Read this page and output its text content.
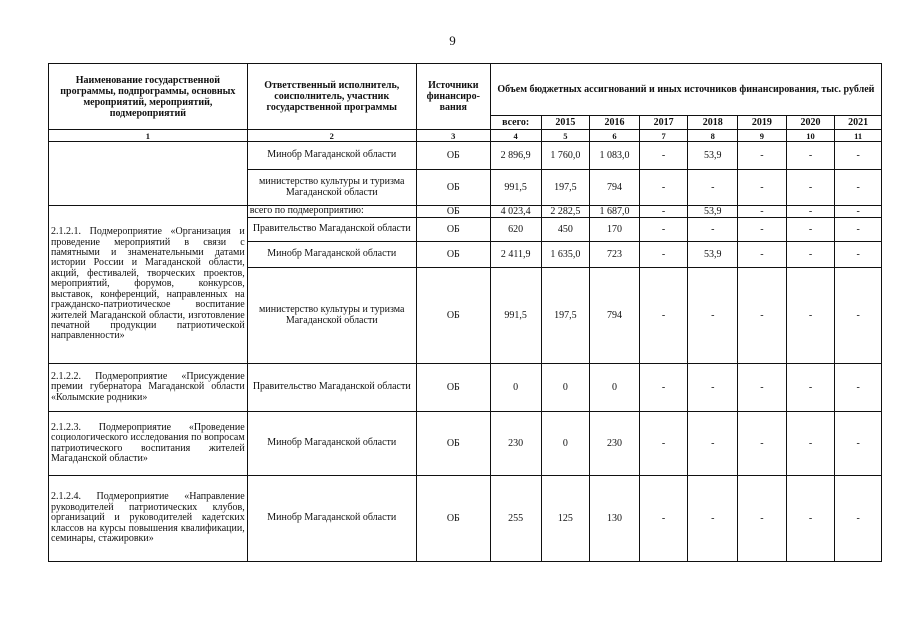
9
Наименование государственной программы, подпрограммы, основных мероприятий, мероприятий, подмероприятий	Ответственный исполнитель, соисполнитель, участник государственной программы	Источники финансиро-вания	Объем бюджетных ассигнований и иных источников финансирования, тыс. рублей							
			всего:	2015	2016	2017	2018	2019	2020	2021
1	2	3	4	5	6	7	8	9	10	11
	Минобр Магаданской области	ОБ	2 896,9	1 760,0	1 083,0	-	53,9	-	-	-
	министерство культуры и туризма Магаданской области	ОБ	991,5	197,5	794	-	-	-	-	-
2.1.2.1. Подмероприятие «Организация и проведение мероприятий в связи с памятными и знаменательными датами истории России и Магаданской области, акций, фестивалей, творческих проектов, мероприятий, форумов, конкурсов, выставок, конференций, направленных на гражданско-патриотическое воспитание жителей Магаданской области, изготовление печатной продукции патриотической направленности»	всего по подмероприятию:	ОБ	4 023,4	2 282,5	1 687,0	-	53,9	-	-	-
	Правительство Магаданской области	ОБ	620	450	170	-	-	-	-	-
	Минобр Магаданской области	ОБ	2 411,9	1 635,0	723	-	53,9	-	-	-
	министерство культуры и туризма Магаданской области	ОБ	991,5	197,5	794	-	-	-	-	-
2.1.2.2. Подмероприятие «Присуждение премии губернатора Магаданской области «Колымские родники»	Правительство Магаданской области	ОБ	0	0	0	-	-	-	-	-
2.1.2.3. Подмероприятие «Проведение социологического исследования по вопросам патриотического воспитания жителей Магаданской области»	Минобр Магаданской области	ОБ	230	0	230	-	-	-	-	-
2.1.2.4. Подмероприятие «Направление руководителей патриотических клубов, организаций и руководителей кадетских классов на курсы повышения квалификации, семинары, стажировки»	Минобр Магаданской области	ОБ	255	125	130	-	-	-	-	-
